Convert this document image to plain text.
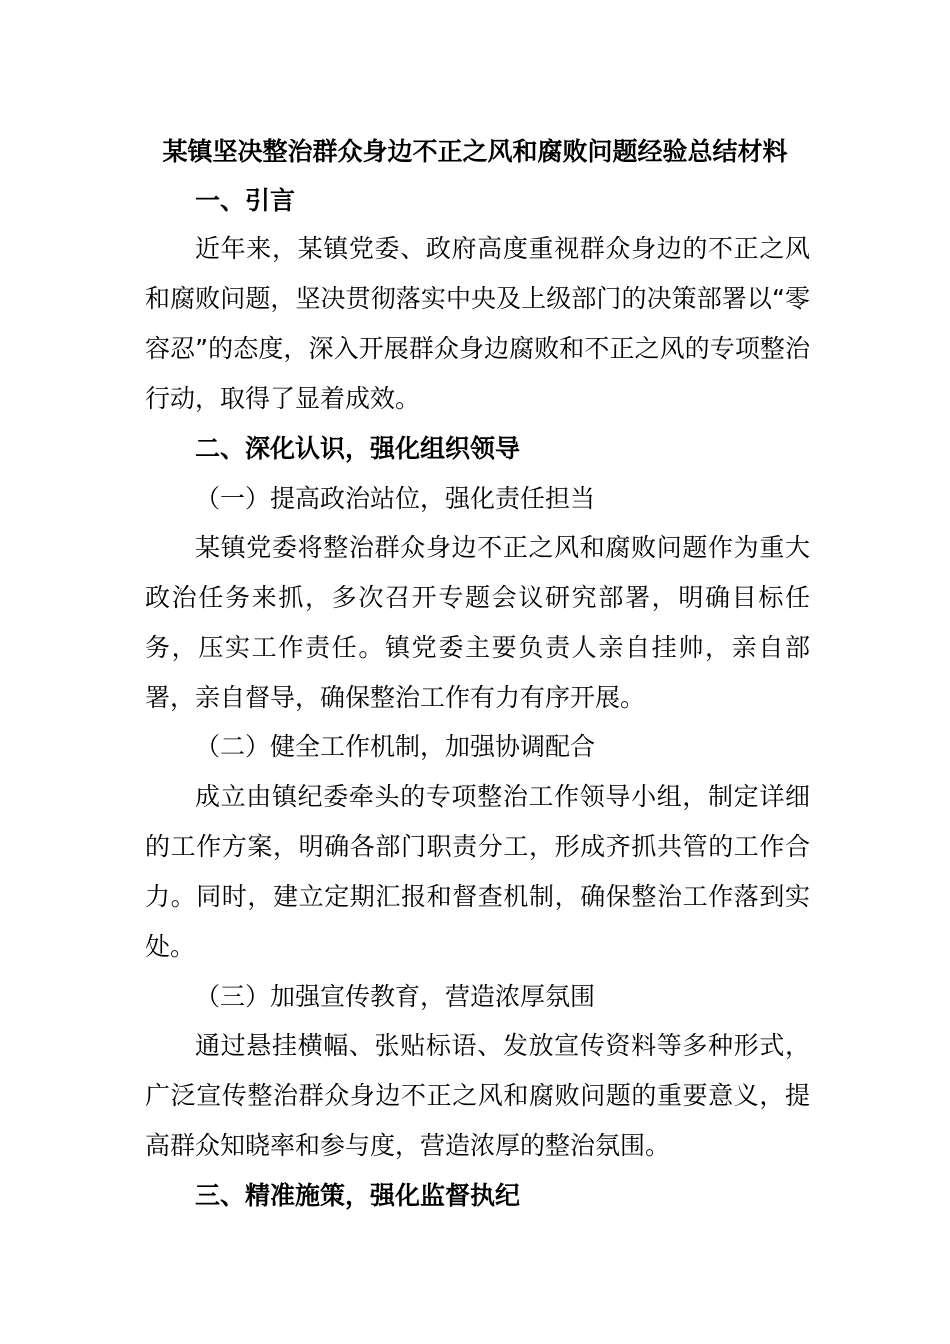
某镇坚决整治群众身边不正之风和腐败问题经验总结材料
一、引言
近年来，某镇党委、政府高度重视群众身边的不正之风和腐败问题，坚决贯彻落实中央及上级部门的决策部署以“零容忍”的态度，深入开展群众身边腐败和不正之风的专项整治行动，取得了显着成效。
二、深化认识，强化组织领导
（一）提高政治站位，强化责任担当
某镇党委将整治群众身边不正之风和腐败问题作为重大政治任务来抓，多次召开专题会议研究部署，明确目标任务，压实工作责任。镇党委主要负责人亲自挂帅，亲自部署，亲自督导，确保整治工作有力有序开展。
（二）健全工作机制，加强协调配合
成立由镇纪委牵头的专项整治工作领导小组，制定详细的工作方案，明确各部门职责分工，形成齐抓共管的工作合力。同时，建立定期汇报和督查机制，确保整治工作落到实处。
（三）加强宣传教育，营造浓厚氛围
通过悬挂横幅、张贴标语、发放宣传资料等多种形式，广泛宣传整治群众身边不正之风和腐败问题的重要意义，提高群众知晓率和参与度，营造浓厚的整治氛围。
三、精准施策，强化监督执纪
